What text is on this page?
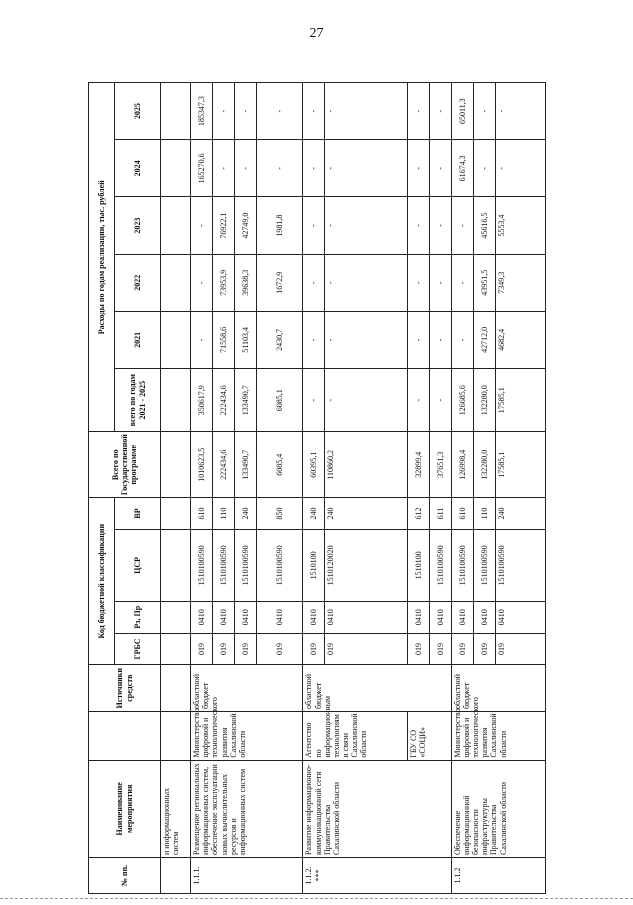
27
№ пп.	Наименование мероприятия		Источники средств	Код бюджетной классификации				Всего по Государственной программе	Расходы по годам реализации, тыс. рублей					
				ГРБС	Рз, Пр	ЦСР	ВР		всего по годам 2021 - 2025	2021	2022	2023	2024	2025
	и информационных систем													
1.1.1.	Размещение региональных информационных систем, обеспечение эксплуатации новых вычислительных ресурсов и информационных систем	Министерство цифровой и технологического развития Сахалинской области	областной бюджет	019	0410	1510100590	610	1010623,5	350617,9	-	-	-	165270,6	185347,3
				019	0410	1510100590	110	222434,6	222434,6	71558,6	73953,9	76922,1	-	-
				019	0410	1510100590	240	133490,7	133490,7	51103,4	39638,3	42749,0	-	-
				019	0410	1510100590	850	6085,4	6085,1	2430,7	1672,9	1981,8	-	-
1.1.2. ***	Развитие информационно-коммуникационной сети Правительства Сахалинской области	Агентство по информационным технологиям и связи Сахалинской области	областной бюджет	019	0410	1510100	240	60395,1	-	-	-	-	-	-
				019	0410	1510120020	240	110860,2	-	-	-	-	-	-
		ГБУ СО «СОЦИ»		019	0410	1510100	612	32899,4	-	-	-	-	-	-
				019	0410	1510100590	611	37651,3	-	-	-	-	-	-
1.1.2	Обеспечение информационной безопасности инфраструктуры Правительства Сахалинской области	Министерство цифровой и технологического развития Сахалинской области	областной бюджет	019	0410	1510100590	610	126998,4	126685,6	-	-	-	61674,3	65011,3
				019	0410	1510100590	110	132280,0	132280,0	42712,0	43951,5	45616,5	-	-
				019	0410	1510100590	240	17585,1	17585,1	4682,4	7349,3	5553,4	-	-
